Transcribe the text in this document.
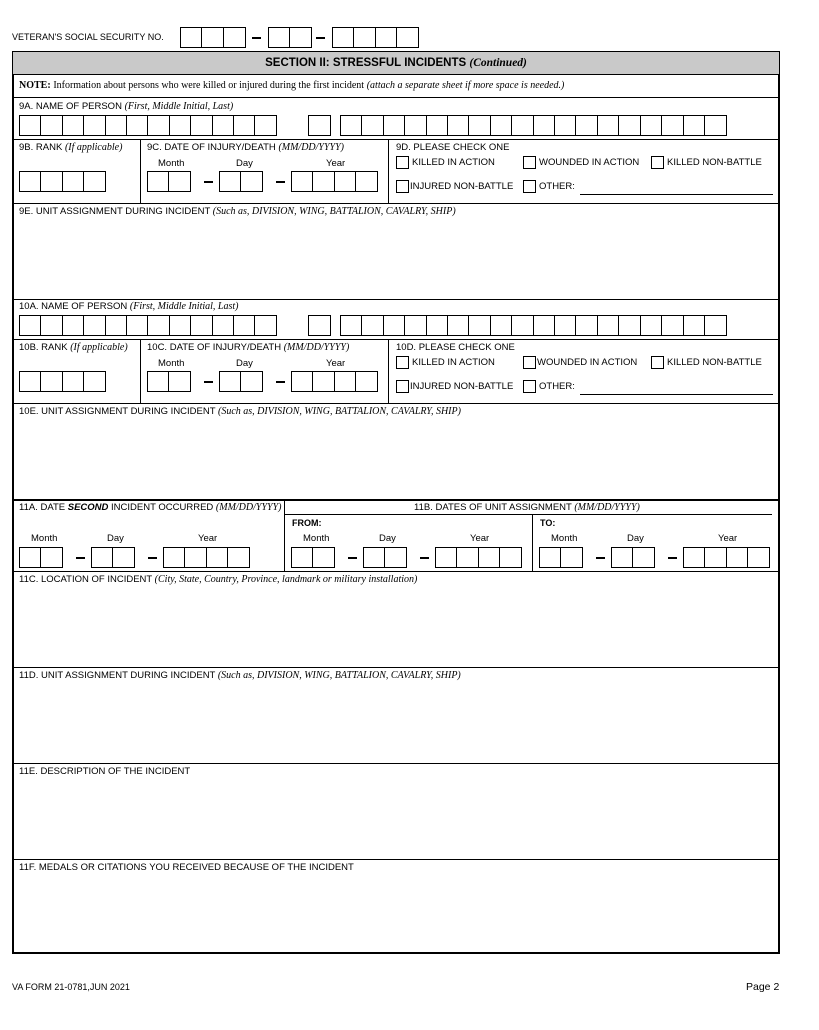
VETERAN'S SOCIAL SECURITY NO.
SECTION II: STRESSFUL INCIDENTS (Continued)
NOTE: Information about persons who were killed or injured during the first incident (attach a separate sheet if more space is needed.)
9A. NAME OF PERSON (First, Middle Initial, Last)
9B. RANK (If applicable)	9C. DATE OF INJURY/DEATH (MM/DD/YYYY)
Month	Day	Year
9D. PLEASE CHECK ONE
KILLED IN ACTION	WOUNDED IN ACTION	KILLED NON-BATTLE
INJURED NON-BATTLE	OTHER:
9E. UNIT ASSIGNMENT DURING INCIDENT (Such as, DIVISION, WING, BATTALION, CAVALRY, SHIP)
10A. NAME OF PERSON (First, Middle Initial, Last)
10B. RANK (If applicable) 10C. DATE OF INJURY/DEATH (MM/DD/YYYY)
Month	Day	Year
10D. PLEASE CHECK ONE
KILLED IN ACTION	WOUNDED IN ACTION	KILLED NON-BATTLE
INJURED NON-BATTLE	OTHER:
10E. UNIT ASSIGNMENT DURING INCIDENT (Such as, DIVISION, WING, BATTALION, CAVALRY, SHIP)
11A. DATE SECOND INCIDENT OCCURRED (MM/DD/YYYY)	11B. DATES OF UNIT ASSIGNMENT (MM/DD/YYYY)
FROM:	TO:
Month	Day	Year	Month	Day	Year	Month	Day	Year
11C. LOCATION OF INCIDENT (City, State, Country, Province, landmark or military installation)
11D. UNIT ASSIGNMENT DURING INCIDENT (Such as, DIVISION, WING, BATTALION, CAVALRY, SHIP)
11E. DESCRIPTION OF THE INCIDENT
11F. MEDALS OR CITATIONS YOU RECEIVED BECAUSE OF THE INCIDENT
VA FORM 21-0781,JUN 2021	Page 2
